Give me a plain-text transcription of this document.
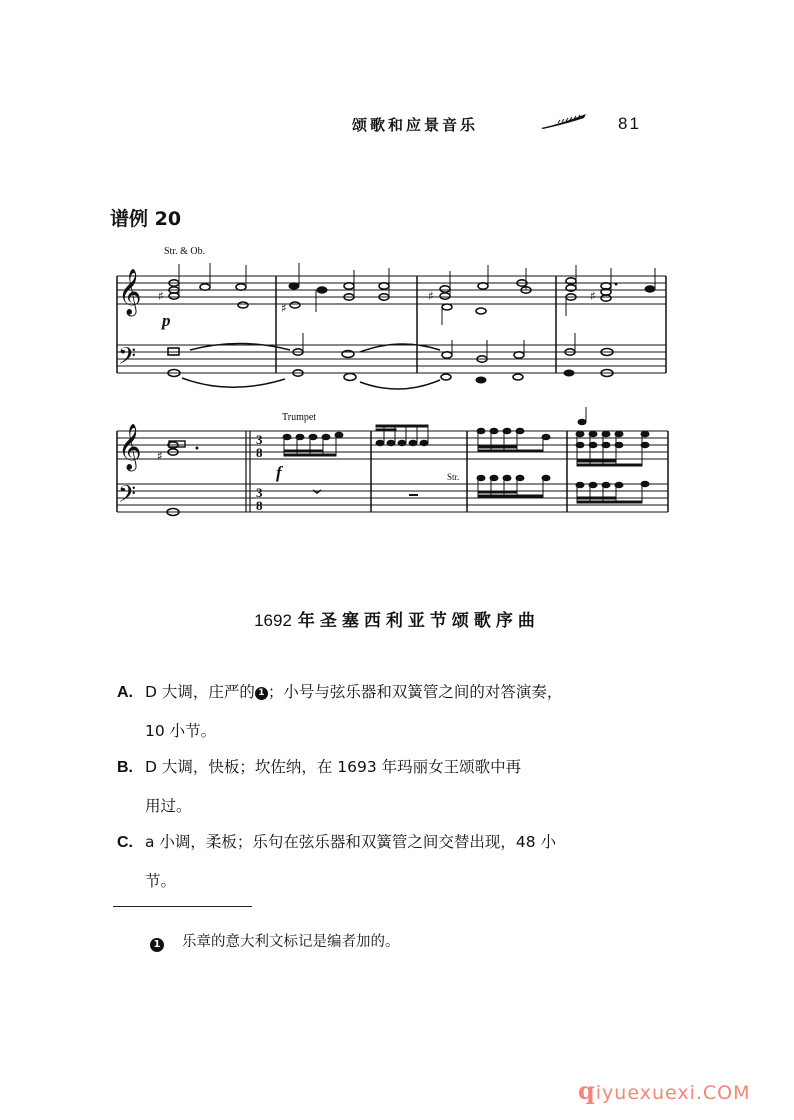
颂歌和应景音乐	81
谱例 20
𝄞
𝄢
𝄞
𝄢
Str. & Ob.
p
Trumpet
f	Str.
3
8
3
8
♯
♯
♯	♯
♯
1692 年圣塞西利亚节颂歌序曲
A. D 大调，庄严的 1 ；小号与弦乐器和双簧管之间的对答演奏，
10 小节。
B. D 大调，快板；坎佐纳，在 1693 年玛丽女王颂歌中再
用过。
C. a 小调，柔板；乐句在弦乐器和双簧管之间交替出现，48 小
节。
1 乐章的意大利文标记是编者加的。
qiyuexuexi.COM
